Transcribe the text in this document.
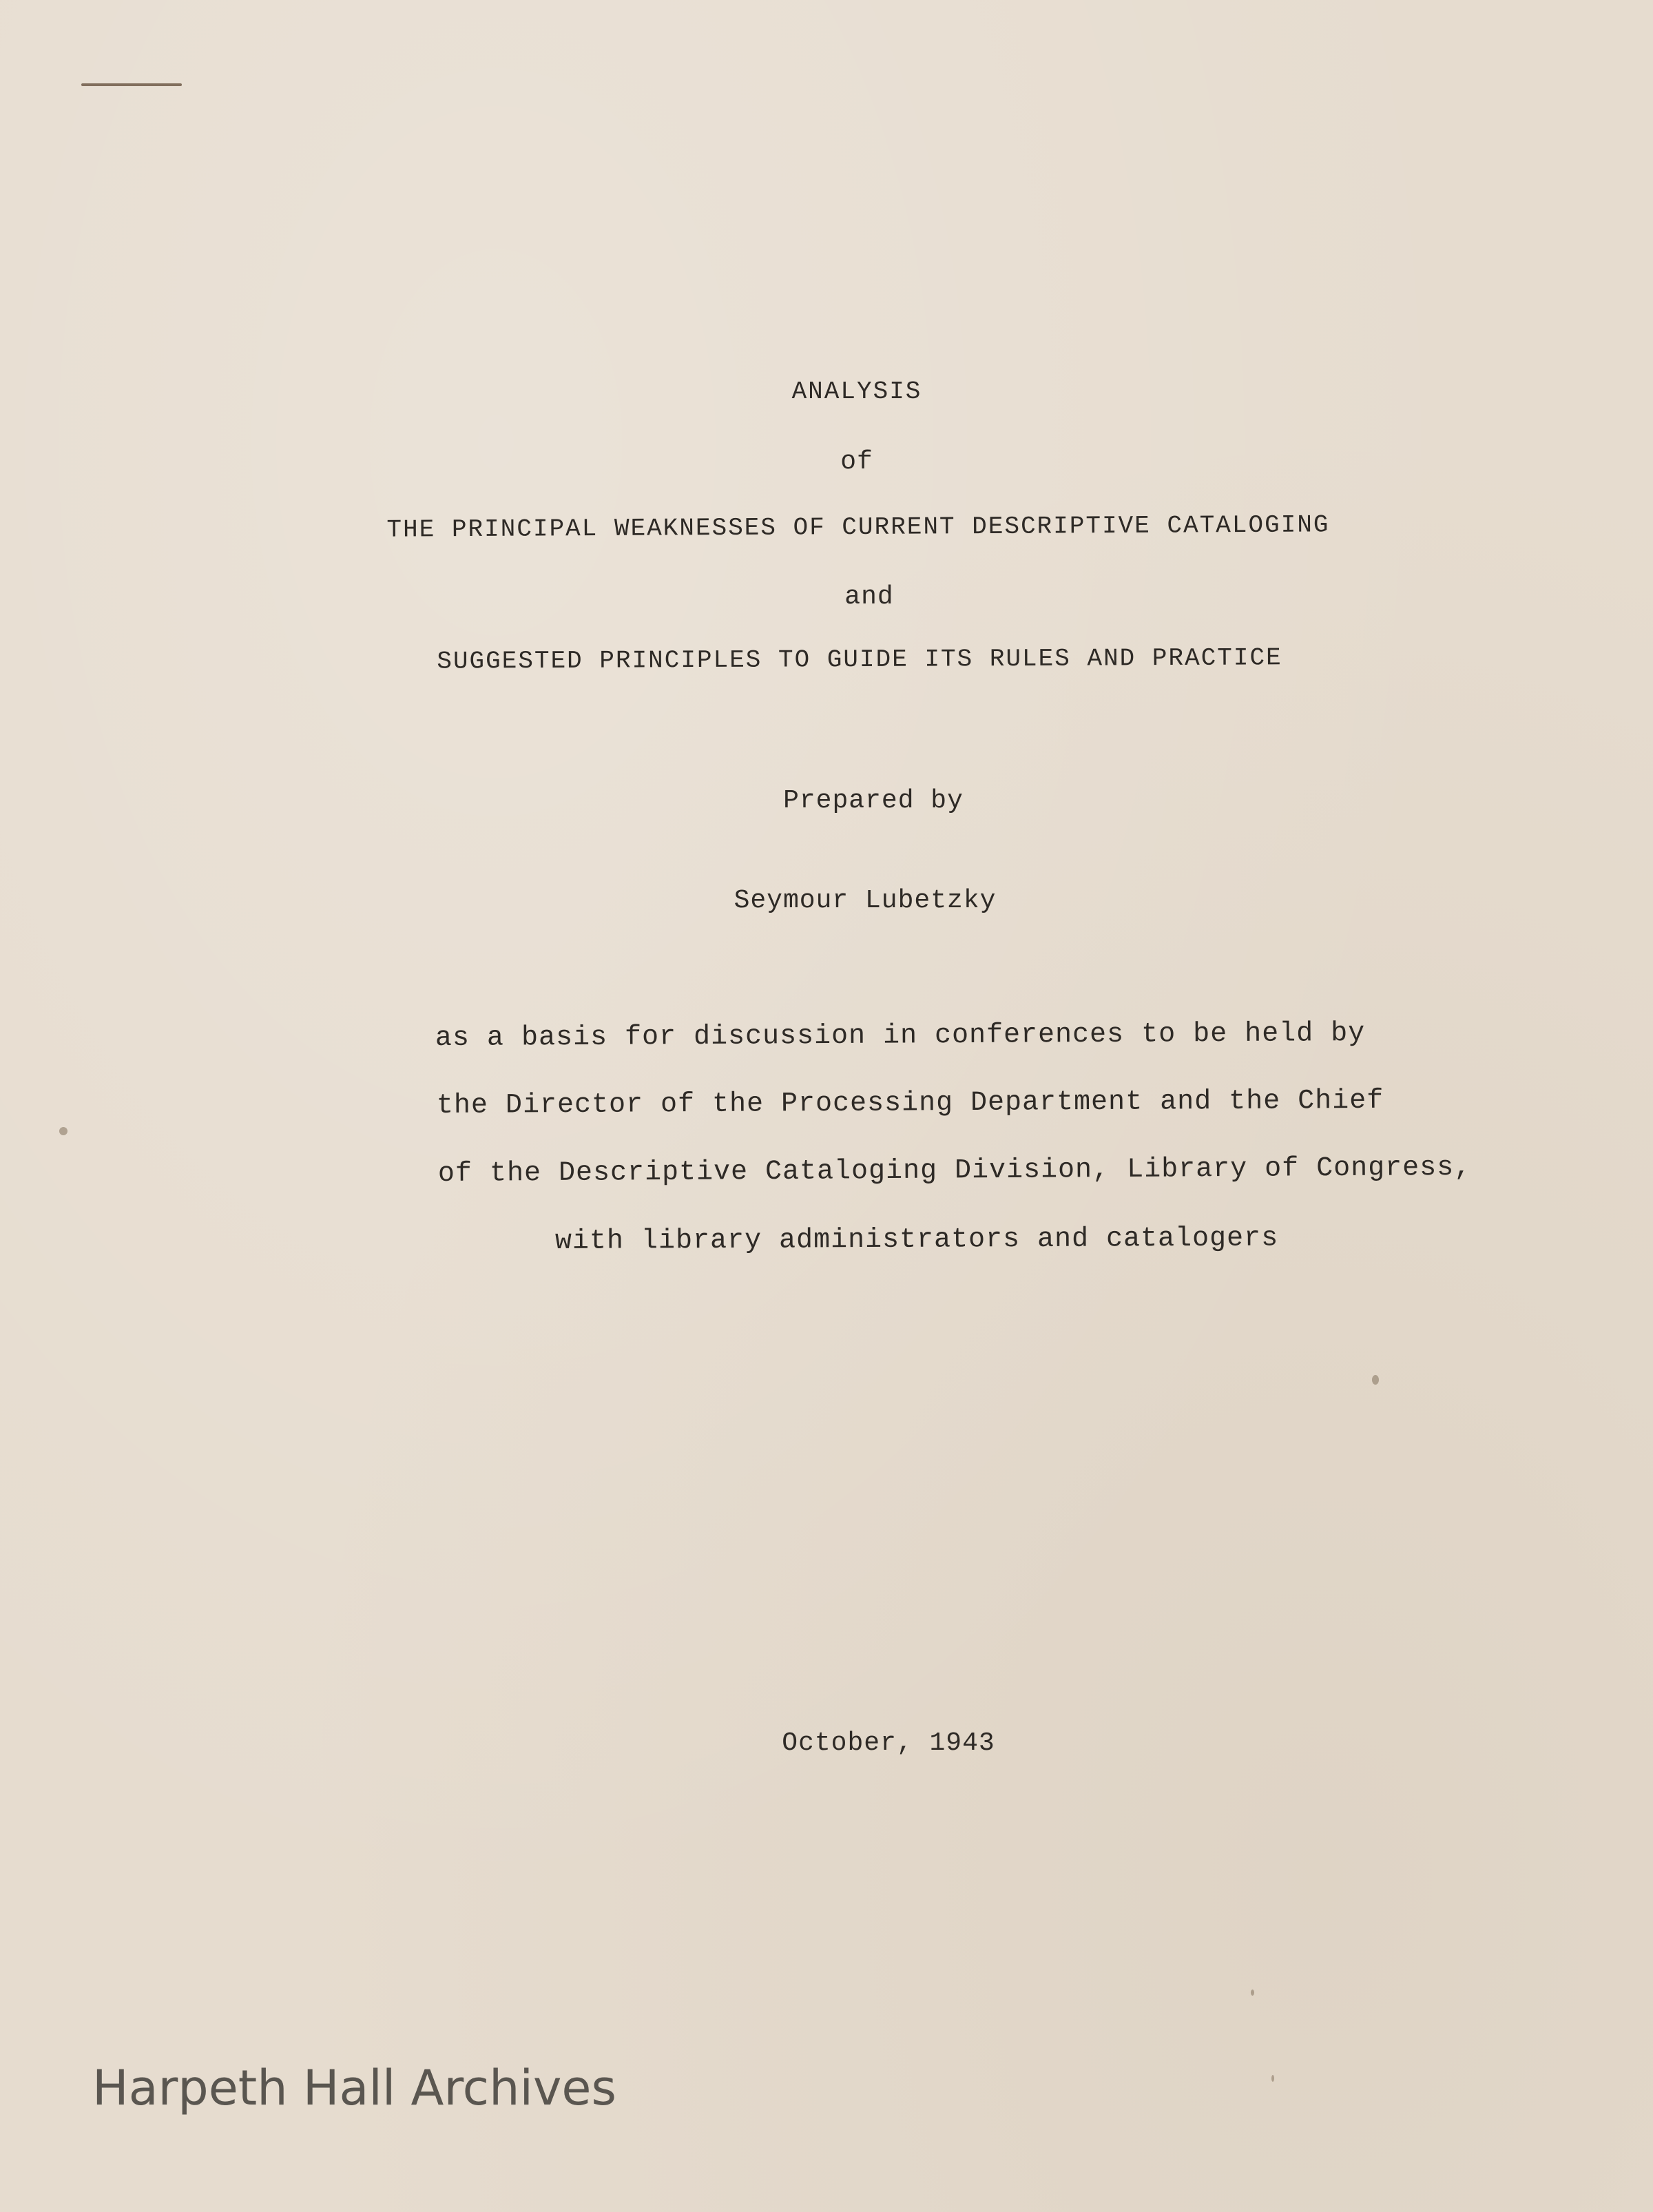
ANALYSIS
of
THE PRINCIPAL WEAKNESSES OF CURRENT DESCRIPTIVE CATALOGING
and
SUGGESTED PRINCIPLES TO GUIDE ITS RULES AND PRACTICE
Prepared by
Seymour Lubetzky
as a basis for discussion in conferences to be held by
the Director of the Processing Department and the Chief
of the Descriptive Cataloging Division, Library of Congress,
with library administrators and catalogers
October, 1943
Harpeth Hall Archives
